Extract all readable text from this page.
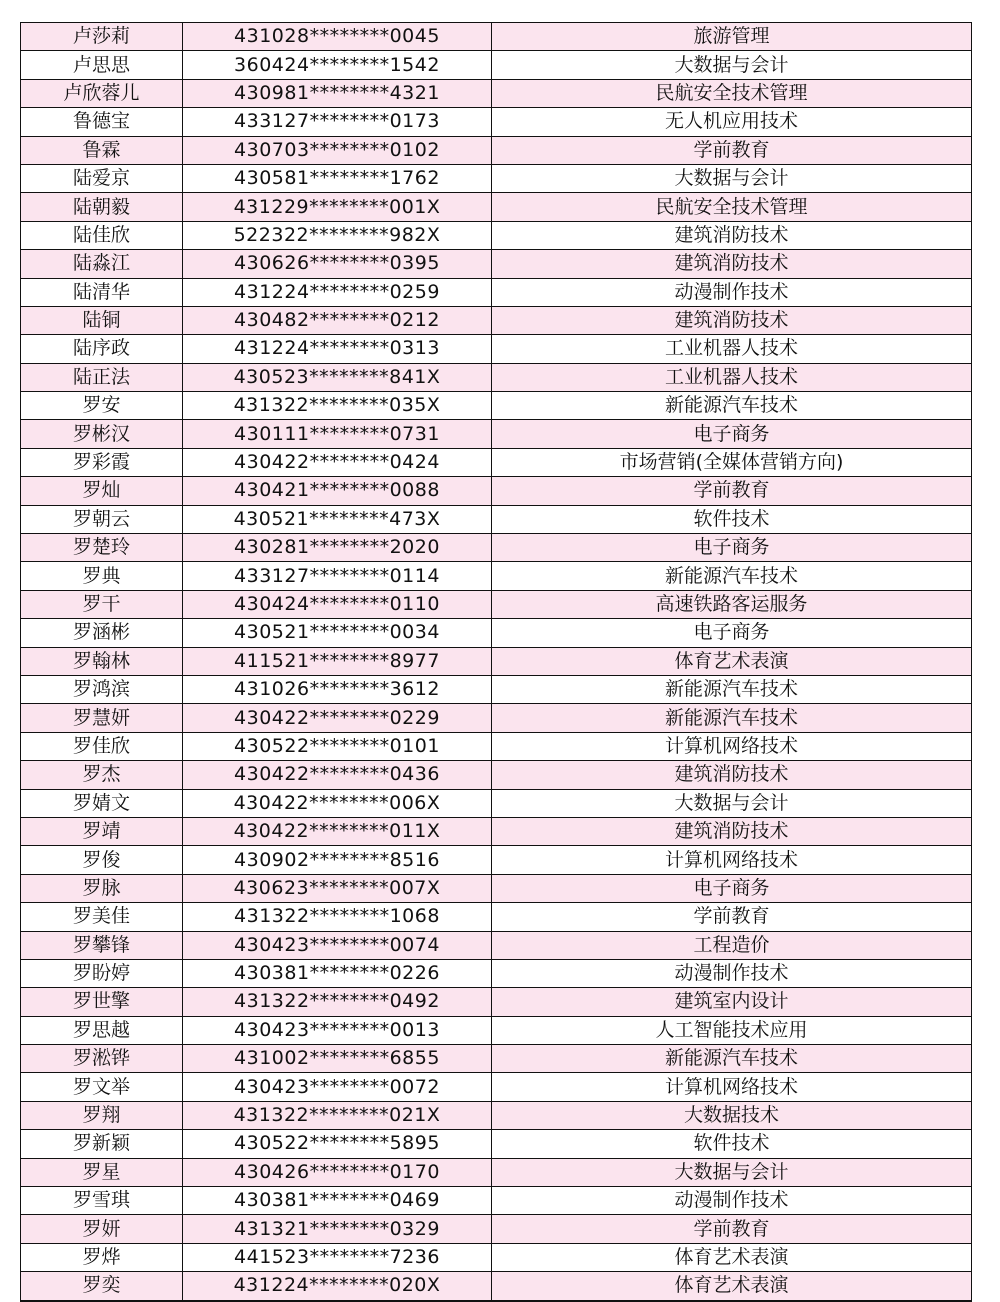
卢莎莉	431028********0045	旅游管理
卢思思	360424********1542	大数据与会计
卢欣蓉儿	430981********4321	民航安全技术管理
鲁德宝	433127********0173	无人机应用技术
鲁霖	430703********0102	学前教育
陆爱京	430581********1762	大数据与会计
陆朝毅	431229********001X	民航安全技术管理
陆佳欣	522322********982X	建筑消防技术
陆淼江	430626********0395	建筑消防技术
陆清华	431224********0259	动漫制作技术
陆铜	430482********0212	建筑消防技术
陆序政	431224********0313	工业机器人技术
陆正法	430523********841X	工业机器人技术
罗安	431322********035X	新能源汽车技术
罗彬汉	430111********0731	电子商务
罗彩霞	430422********0424	市场营销(全媒体营销方向)
罗灿	430421********0088	学前教育
罗朝云	430521********473X	软件技术
罗楚玲	430281********2020	电子商务
罗典	433127********0114	新能源汽车技术
罗干	430424********0110	高速铁路客运服务
罗涵彬	430521********0034	电子商务
罗翰林	411521********8977	体育艺术表演
罗鸿滨	431026********3612	新能源汽车技术
罗慧妍	430422********0229	新能源汽车技术
罗佳欣	430522********0101	计算机网络技术
罗杰	430422********0436	建筑消防技术
罗婧文	430422********006X	大数据与会计
罗靖	430422********011X	建筑消防技术
罗俊	430902********8516	计算机网络技术
罗脉	430623********007X	电子商务
罗美佳	431322********1068	学前教育
罗攀锋	430423********0074	工程造价
罗盼婷	430381********0226	动漫制作技术
罗世擎	431322********0492	建筑室内设计
罗思越	430423********0013	人工智能技术应用
罗淞铧	431002********6855	新能源汽车技术
罗文举	430423********0072	计算机网络技术
罗翔	431322********021X	大数据技术
罗新颖	430522********5895	软件技术
罗星	430426********0170	大数据与会计
罗雪琪	430381********0469	动漫制作技术
罗妍	431321********0329	学前教育
罗烨	441523********7236	体育艺术表演
罗奕	431224********020X	体育艺术表演
